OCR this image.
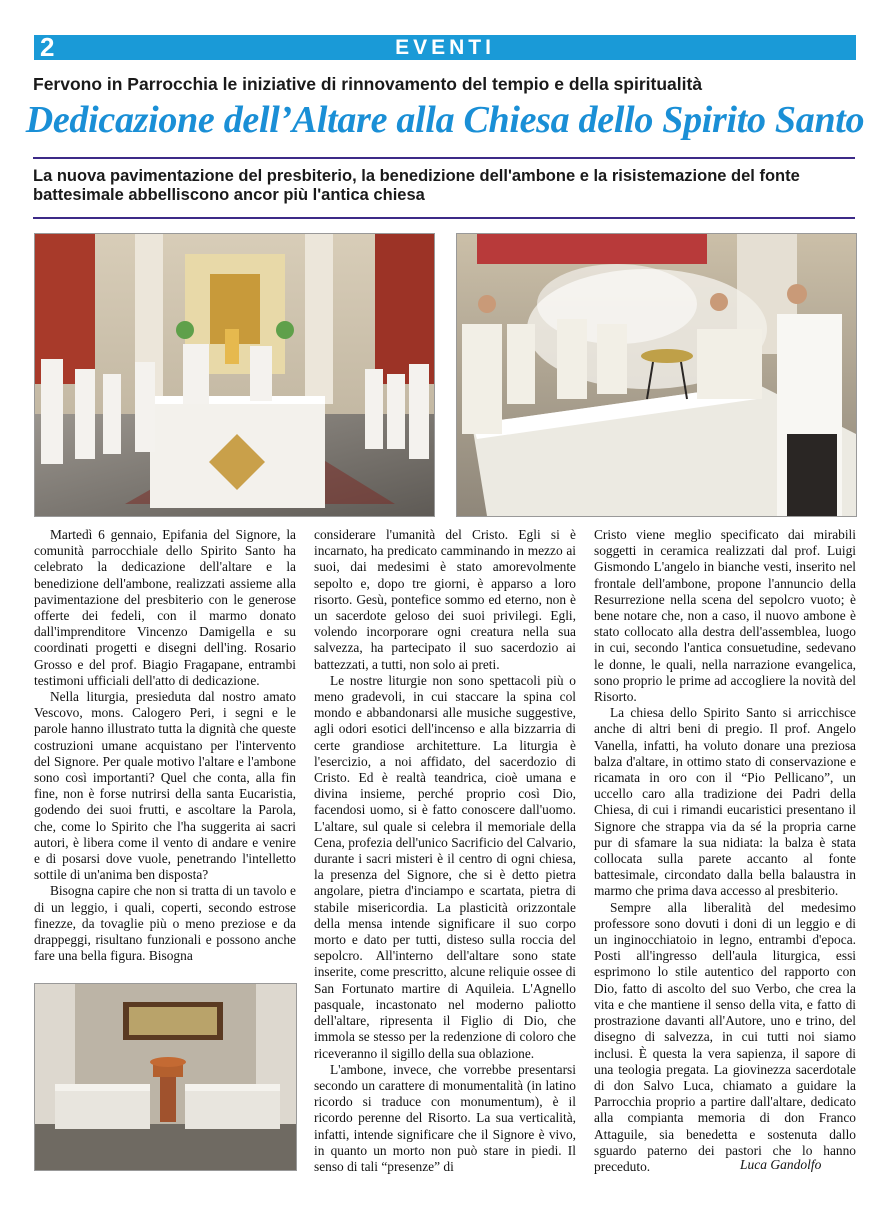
2	EVENTI
Fervono in Parrocchia le iniziative di rinnovamento del tempio e della spiritualità
Dedicazione dell’Altare alla Chiesa dello Spirito Santo
La nuova pavimentazione del presbiterio, la benedizione dell'ambone e la risistemazione del fonte battesimale abbelliscono ancor più l'antica chiesa

Martedì 6 gennaio, Epifania del Signore, la comunità parrocchiale dello Spirito Santo ha celebrato la dedicazione dell'altare e la benedizione dell'ambone, realizzati assieme alla pavimentazione del presbiterio con le generose offerte dei fedeli, con il marmo donato dall'imprenditore Vincenzo Damigella e su coordinati progetti e disegni dell'ing. Rosario Grosso e del prof. Biagio Fragapane, entrambi testimoni ufficiali dell'atto di dedicazione.

Nella liturgia, presieduta dal nostro amato Vescovo, mons. Calogero Peri, i segni e le parole hanno illustrato tutta la dignità che queste costruzioni umane acquistano per l'intervento del Signore. Per quale motivo l'altare e l'ambone sono così importanti? Quel che conta, alla fin fine, non è forse nutrirsi della santa Eucaristia, godendo dei suoi frutti, e ascoltare la Parola, che, come lo Spirito che l'ha suggerita ai sacri autori, è libera come il vento di andare e venire e di posarsi dove vuole, penetrando l'intelletto sottile di un'anima ben disposta?

Bisogna capire che non si tratta di un tavolo e di un leggio, i quali, coperti, secondo estrose finezze, da tovaglie più o meno preziose e da drappeggi, risultano funzionali e possono anche fare una bella figura. Bisogna

considerare l'umanità del Cristo. Egli si è incarnato, ha predicato camminando in mezzo ai suoi, dai medesimi è stato amorevolmente sepolto e, dopo tre giorni, è apparso a loro risorto. Gesù, pontefice sommo ed eterno, non è un sacerdote geloso dei suoi privilegi. Egli, volendo incorporare ogni creatura nella sua salvezza, ha partecipato il suo sacerdozio ai battezzati, a tutti, non solo ai preti.

Le nostre liturgie non sono spettacoli più o meno gradevoli, in cui staccare la spina col mondo e abbandonarsi alle musiche suggestive, agli odori esotici dell'incenso e alla bizzarria di certe grandiose architetture. La liturgia è l'esercizio, a noi affidato, del sacerdozio di Cristo. Ed è realtà teandrica, cioè umana e divina insieme, perché proprio così Dio, facendosi uomo, si è fatto conoscere dall'uomo. L'altare, sul quale si celebra il memoriale della Cena, profezia dell'unico Sacrificio del Calvario, durante i sacri misteri è il centro di ogni chiesa, la presenza del Signore, che si è detto pietra angolare, pietra d'inciampo e scartata, pietra di stabile misericordia. La plasticità orizzontale della mensa intende significare il suo corpo morto e dato per tutti, disteso sulla roccia del sepolcro. All'interno dell'altare sono state inserite, come prescritto, alcune reliquie ossee di San Fortunato martire di Aquileia. L'Agnello pasquale, incastonato nel moderno paliotto dell'altare, ripresenta il Figlio di Dio, che immola se stesso per la redenzione di coloro che riceveranno il sigillo della sua oblazione.

L'ambone, invece, che vorrebbe presentarsi secondo un carattere di monumentalità (in latino ricordo si traduce con monumentum), è il ricordo perenne del Risorto. La sua verticalità, infatti, intende significare che il Signore è vivo, in quanto un morto non può stare in piedi. Il senso di tali “presenze” di

Cristo viene meglio specificato dai mirabili soggetti in ceramica realizzati dal prof. Luigi Gismondo L'angelo in bianche vesti, inserito nel frontale dell'ambone, propone l'annuncio della Resurrezione nella scena del sepolcro vuoto; è bene notare che, non a caso, il nuovo ambone è stato collocato alla destra dell'assemblea, luogo in cui, secondo l'antica consuetudine, sedevano le donne, le quali, nella narrazione evangelica, sono proprio le prime ad accogliere la novità del Risorto.

La chiesa dello Spirito Santo si arricchisce anche di altri beni di pregio. Il prof. Angelo Vanella, infatti, ha voluto donare una preziosa balza d'altare, in ottimo stato di conservazione e ricamata in oro con il “Pio Pellicano”, un uccello caro alla tradizione dei Padri della Chiesa, di cui i rimandi eucaristici presentano il Signore che strappa via da sé la propria carne pur di sfamare la sua nidiata: la balza è stata collocata sulla parete accanto al fonte battesimale, circondato dalla bella balaustra in marmo che prima dava accesso al presbiterio.

Sempre alla liberalità del medesimo professore sono dovuti i doni di un leggio e di un inginocchiatoio in legno, entrambi d'epoca. Posti all'ingresso dell'aula liturgica, essi esprimono lo stile autentico del rapporto con Dio, fatto di ascolto del suo Verbo, che crea la vita e che mantiene il senso della vita, e fatto di prostrazione davanti all'Autore, uno e trino, del disegno di salvezza, in cui tutti noi siamo inclusi. È questa la vera sapienza, il sapore di una teologia pregata. La giovinezza sacerdotale di don Salvo Luca, chiamato a guidare la Parrocchia proprio a partire dall'altare, dedicato alla compianta memoria di don Franco Attaguile, sia benedetta e sostenuta dallo sguardo paterno dei pastori che lo hanno preceduto.	Luca Gandolfo
